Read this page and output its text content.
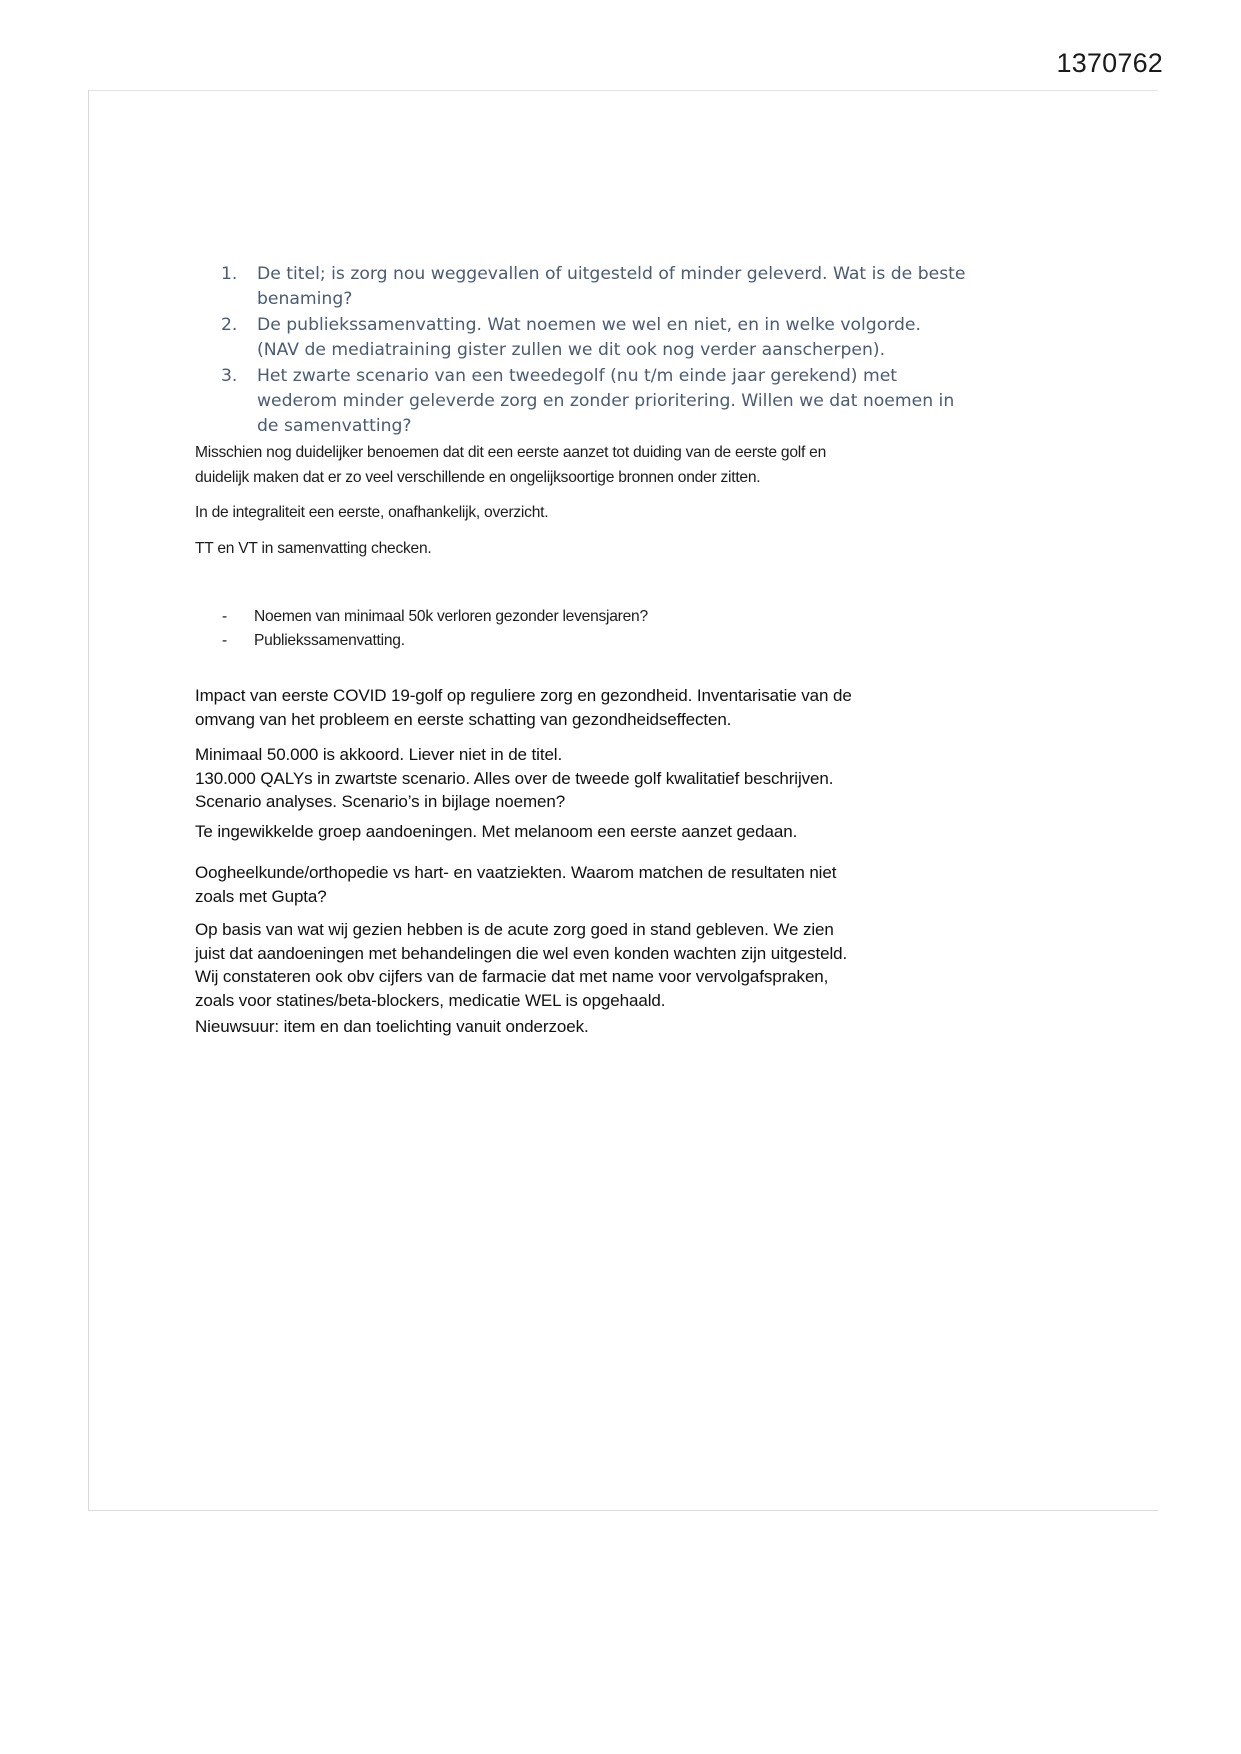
1370762
1. De titel; is zorg nou weggevallen of uitgesteld of minder geleverd. Wat is de beste
benaming?
2. De publiekssamenvatting. Wat noemen we wel en niet, en in welke volgorde.
(NAV de mediatraining gister zullen we dit ook nog verder aanscherpen).
3. Het zwarte scenario van een tweedegolf (nu t/m einde jaar gerekend) met
wederom minder geleverde zorg en zonder prioritering. Willen we dat noemen in
de samenvatting?
Misschien nog duidelijker benoemen dat dit een eerste aanzet tot duiding van de eerste golf en
duidelijk maken dat er zo veel verschillende en ongelijksoortige bronnen onder zitten.
In de integraliteit een eerste, onafhankelijk, overzicht.
TT en VT in samenvatting checken.
- Noemen van minimaal 50k verloren gezonder levensjaren?
- Publiekssamenvatting.
Impact van eerste COVID 19-golf op reguliere zorg en gezondheid. Inventarisatie van de
omvang van het probleem en eerste schatting van gezondheidseffecten.
Minimaal 50.000 is akkoord. Liever niet in de titel.
130.000 QALYs in zwartste scenario. Alles over de tweede golf kwalitatief beschrijven.
Scenario analyses. Scenario’s in bijlage noemen?
Te ingewikkelde groep aandoeningen. Met melanoom een eerste aanzet gedaan.
Oogheelkunde/orthopedie vs hart- en vaatziekten. Waarom matchen de resultaten niet
zoals met Gupta?
Op basis van wat wij gezien hebben is de acute zorg goed in stand gebleven. We zien
juist dat aandoeningen met behandelingen die wel even konden wachten zijn uitgesteld.
Wij constateren ook obv cijfers van de farmacie dat met name voor vervolgafspraken,
zoals voor statines/beta-blockers, medicatie WEL is opgehaald.
Nieuwsuur: item en dan toelichting vanuit onderzoek.
